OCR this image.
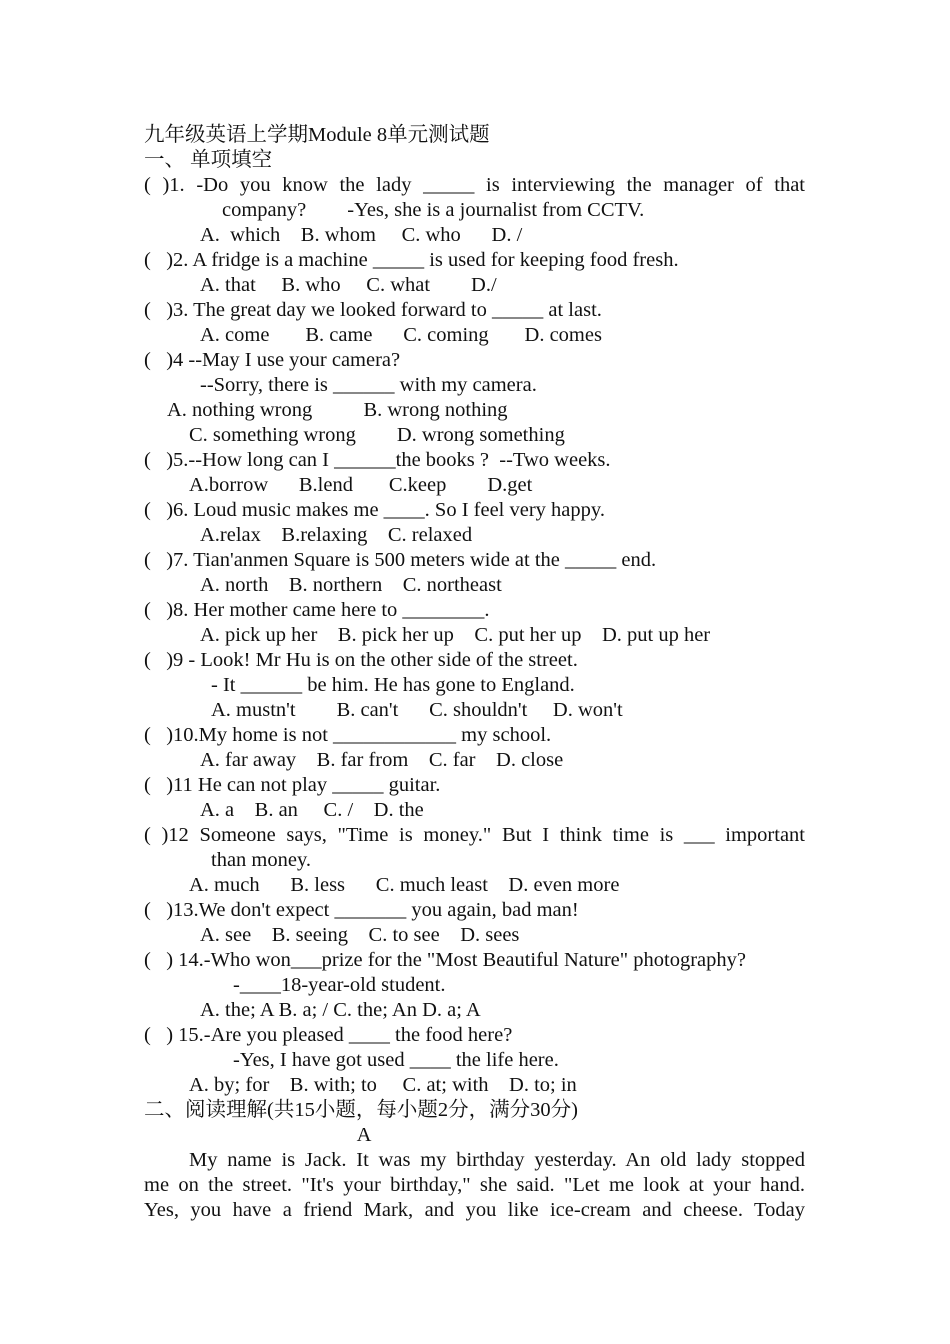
九年级英语上学期Module 8单元测试题
一、 单项填空
( )1. -Do you know the lady _____ is interviewing the manager of that
company?        -Yes, she is a journalist from CCTV.
A.  which    B. whom     C. who      D. /
(   )2. A fridge is a machine _____ is used for keeping food fresh.
A. that     B. who     C. what        D./
(   )3. The great day we looked forward to _____ at last.
A. come       B. came      C. coming       D. comes
(   )4 --May I use your camera?
--Sorry, there is ______ with my camera.
A. nothing wrong          B. wrong nothing
C. something wrong        D. wrong something
(   )5.--How long can I ______the books ?  --Two weeks.
A.borrow      B.lend       C.keep        D.get
(   )6. Loud music makes me ____. So I feel very happy.
A.relax    B.relaxing    C. relaxed
(   )7. Tian'anmen Square is 500 meters wide at the _____ end.
A. north    B. northern    C. northeast
(   )8. Her mother came here to ________.
A. pick up her    B. pick her up    C. put her up    D. put up her
(   )9 - Look! Mr Hu is on the other side of the street.
- It ______ be him. He has gone to England.
A. mustn't        B. can't      C. shouldn't     D. won't
(   )10.My home is not ____________ my school.
A. far away    B. far from    C. far    D. close
(   )11 He can not play _____ guitar.
A. a    B. an     C. /    D. the
( )12 Someone says, "Time is money." But I think time is ___ important
than money.
A. much      B. less      C. much least    D. even more
(   )13.We don't expect _______ you again, bad man!
A. see    B. seeing    C. to see    D. sees
(   ) 14.-Who won___prize for the "Most Beautiful Nature" photography?
-____18-year-old student.
A. the; A B. a; / C. the; An D. a; A
(   ) 15.-Are you pleased ____ the food here?
-Yes, I have got used ____ the life here.
A. by; for    B. with; to     C. at; with    D. to; in
二、阅读理解(共15小题，每小题2分，满分30分)
A
My name is Jack. It was my birthday yesterday. An old lady stopped
me on the street. "It's your birthday," she said. "Let me look at your hand.
Yes, you have a friend Mark, and you like ice-cream and cheese. Today
